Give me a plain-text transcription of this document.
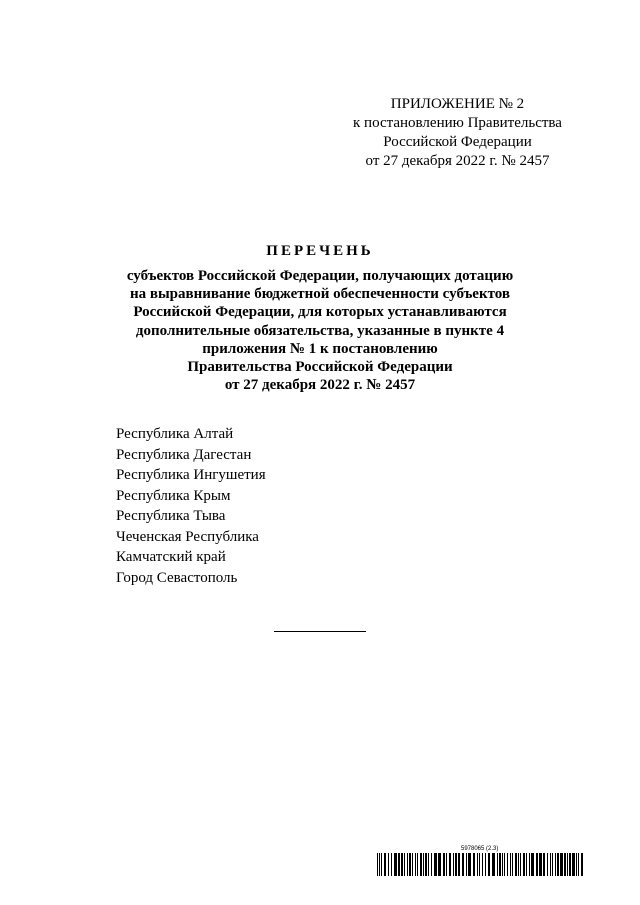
ПРИЛОЖЕНИЕ № 2
к постановлению Правительства
Российской Федерации
от 27 декабря 2022 г. № 2457
ПЕРЕЧЕНЬ
субъектов Российской Федерации, получающих дотацию
на выравнивание бюджетной обеспеченности субъектов
Российской Федерации, для которых устанавливаются
дополнительные обязательства, указанные в пункте 4
приложения № 1 к постановлению
Правительства Российской Федерации
от 27 декабря 2022 г. № 2457
Республика Алтай
Республика Дагестан
Республика Ингушетия
Республика Крым
Республика Тыва
Чеченская Республика
Камчатский край
Город Севастополь
5978065 (2.3)
